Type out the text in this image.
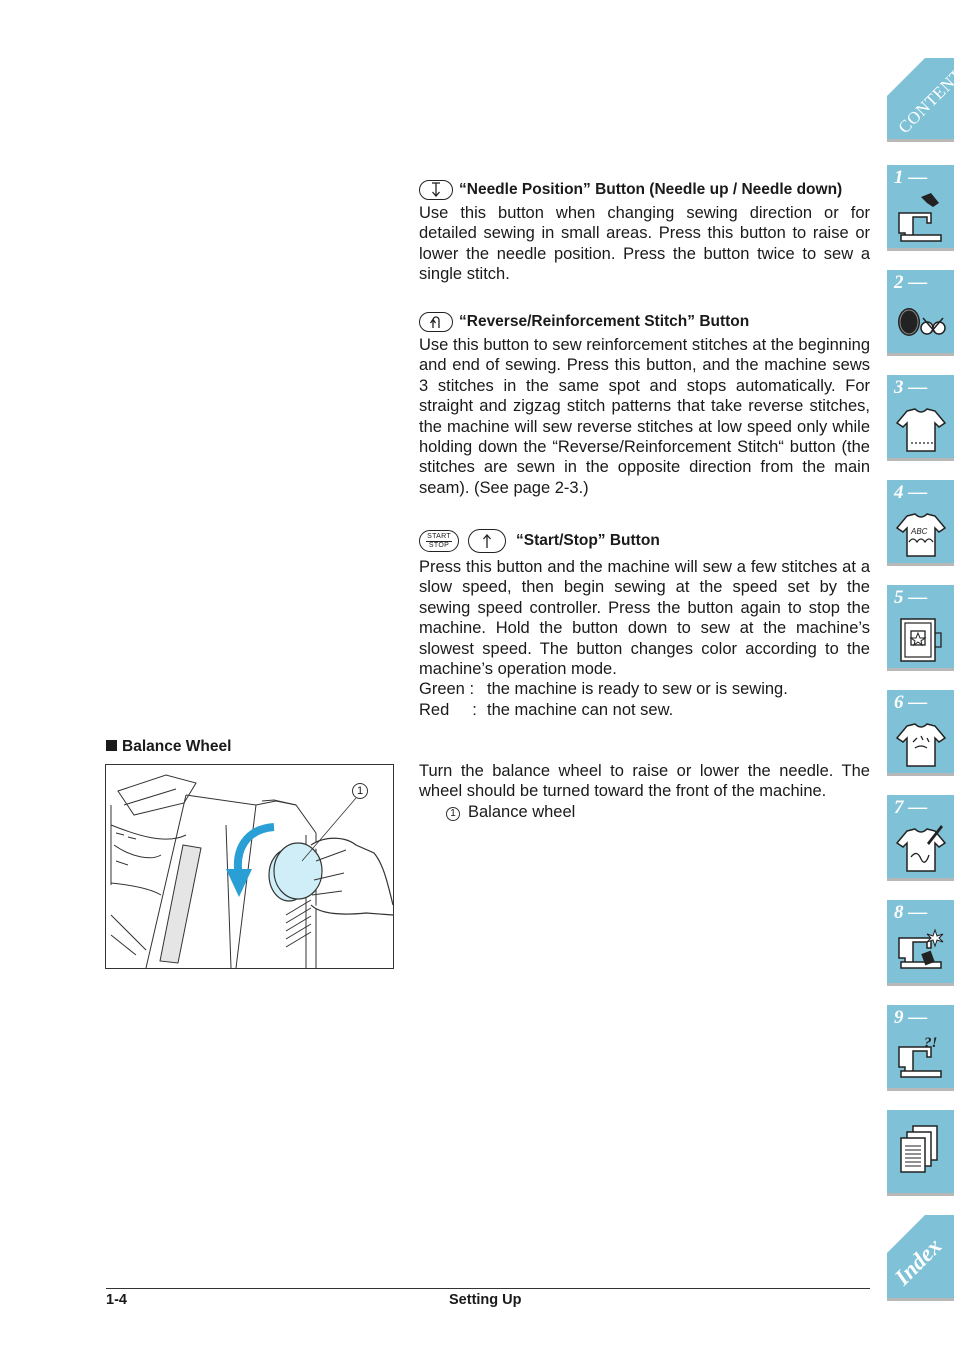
“Needle Position” Button (Needle up / Needle down)
Use this button when changing sewing direction or for detailed sewing in small areas. Press this button to raise or lower the needle position. Press the button twice to sew a single stitch.
“Reverse/Reinforcement Stitch” Button
Use this button to sew reinforcement stitches at the beginning and end of sewing. Press this button, and the machine sews 3 stitches in the same spot and stops automatically. For straight and zigzag stitch patterns that take reverse stitches, the machine will sew reverse stitches at low speed only while holding down the “Reverse/Reinforcement Stitch“ button (the stitches are sewn in the opposite direction from the main seam). (See page 2-3.)
START
STOP	“Start/Stop” Button
Press this button and the machine will sew a few stitches at a slow speed, then begin sewing at the speed set by the sewing speed controller. Press the button again to stop the machine. Hold the button down to sew at the machine’s slowest speed. The button changes color according to the machine’s operation mode.
Green : the machine is ready to sew or is sewing.
Red     : the machine can not sew.
Balance Wheel
1
Turn the balance wheel to raise or lower the needle. The wheel should be turned toward the front of the machine.
1 Balance wheel
1-4	Setting Up
CONTENTS
1 —
2 —
3 —
4 —
ABC
5 —
6 —
7 —
8 —
9 —
?!
Index
